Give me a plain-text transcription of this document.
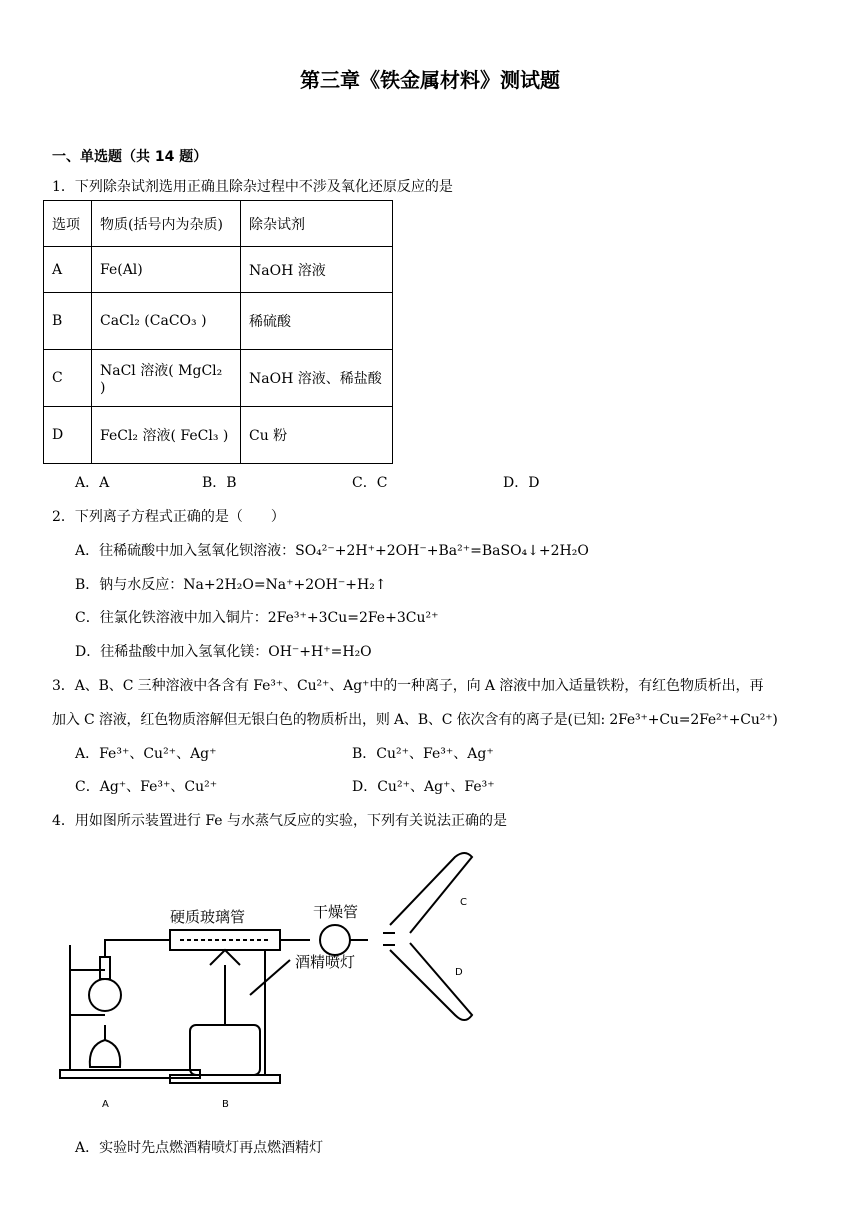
第三章《铁金属材料》测试题
一、单选题（共 14 题）
1．下列除杂试剂选用正确且除杂过程中不涉及氧化还原反应的是
选项	物质(括号内为杂质)	除杂试剂
A	Fe(Al)	NaOH 溶液
B	CaCl₂ (CaCO₃ )	稀硫酸
C	NaCl 溶液( MgCl₂ )	NaOH 溶液、稀盐酸
D	FeCl₂ 溶液( FeCl₃ )	Cu 粉
A．A	B．B	C．C	D．D
2．下列离子方程式正确的是（　　）
A．往稀硫酸中加入氢氧化钡溶液：SO₄²⁻+2H⁺+2OH⁻+Ba²⁺=BaSO₄↓+2H₂O
B．钠与水反应：Na+2H₂O=Na⁺+2OH⁻+H₂↑
C．往氯化铁溶液中加入铜片：2Fe³⁺+3Cu=2Fe+3Cu²⁺
D．往稀盐酸中加入氢氧化镁：OH⁻+H⁺=H₂O
3．A、B、C 三种溶液中各含有 Fe³⁺、Cu²⁺、Ag⁺中的一种离子，向 A 溶液中加入适量铁粉，有红色物质析出，再
加入 C 溶液，红色物质溶解但无银白色的物质析出，则 A、B、C 依次含有的离子是(已知: 2Fe³⁺+Cu=2Fe²⁺+Cu²⁺)
A．Fe³⁺、Cu²⁺、Ag⁺	B．Cu²⁺、Fe³⁺、Ag⁺
C．Ag⁺、Fe³⁺、Cu²⁺	D．Cu²⁺、Ag⁺、Fe³⁺
4．用如图所示装置进行 Fe 与水蒸气反应的实验，下列有关说法正确的是
硬质玻璃管	干燥管
酒精喷灯
A	B
C
D
A．实验时先点燃酒精喷灯再点燃酒精灯
